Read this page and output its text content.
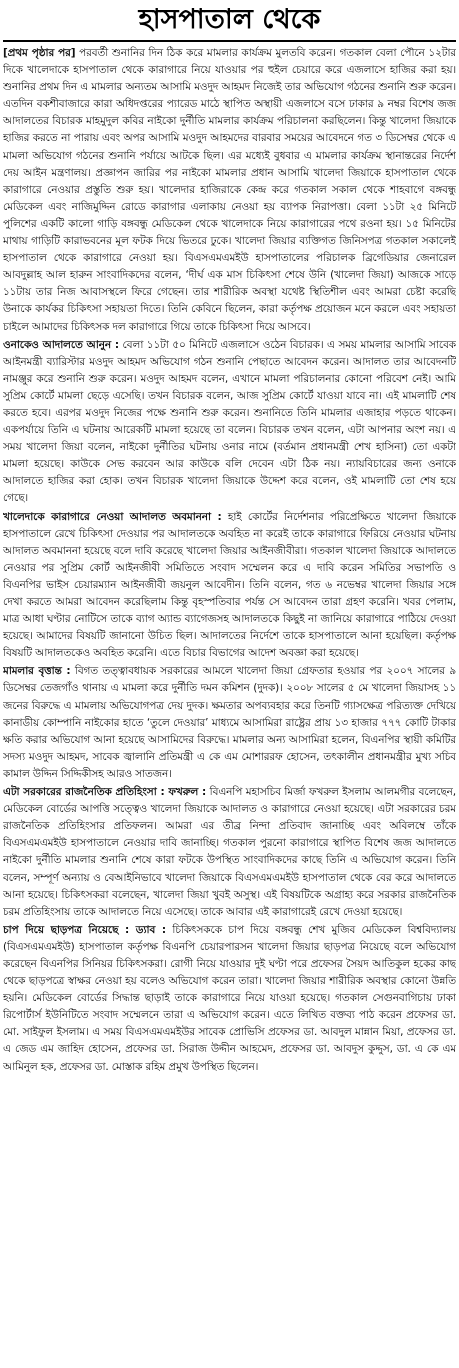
হাসপাতাল থেকে

[প্রথম পৃষ্ঠার পর] পরবর্তী শুনানির দিন ঠিক করে মামলার কার্যক্রম মুলতবি করেন। গতকাল বেলা পৌনে ১২টার দিকে খালেদাকে হাসপাতাল থেকে কারাগারে নিয়ে যাওয়ার পর হুইল চেয়ারে করে এজলাসে হাজির করা হয়। শুনানির প্রথম দিন এ মামলার অন্যতম আসামি মওদুদ আহমদ নিজেই তার অভিযোগ গঠনের শুনানি শুরু করেন। এতদিন বকশীবাজারে কারা অধিদপ্তরের প্যারেড মাঠে স্থাপিত অস্থায়ী এজলাসে বসে ঢাকার ৯ নম্বর বিশেষ জজ আদালতের বিচারক মাহমুদুল কবির নাইকো দুর্নীতি মামলার কার্যক্রম পরিচালনা করছিলেন। কিন্তু খালেদা জিয়াকে হাজির করতে না পারায় এবং অপর আসামি মওদুদ আহমদের বারবার সময়ের আবেদনে গত ৩ ডিসেম্বর থেকে এ মামলা অভিযোগ গঠনের শুনানি পর্যায়ে আটকে ছিল। এর মধ্যেই বুধবার এ মামলার কার্যক্রম স্থানান্তরের নির্দেশ দেয় আইন মন্ত্রণালয়। প্রজ্ঞাপন জারির পর নাইকো মামলার প্রধান আসামি খালেদা জিয়াকে হাসপাতাল থেকে কারাগারে নেওয়ার প্রস্তুতি শুরু হয়। খালেদার হাজিরাকে কেন্দ্র করে গতকাল সকাল থেকে শাহবাগে বঙ্গবন্ধু মেডিকেল এবং নাজিমুদ্দিন রোডে কারাগার এলাকায় নেওয়া হয় ব্যাপক নিরাপত্তা। বেলা ১১টা ২৫ মিনিটে পুলিশের একটি কালো গাড়ি বঙ্গবন্ধু মেডিকেল থেকে খালেদাকে নিয়ে কারাগারের পথে রওনা হয়। ১৫ মিনিটের মাথায় গাড়িটি কারাভবনের মূল ফটক দিয়ে ভিতরে ঢুকে। খালেদা জিয়ার ব্যক্তিগত জিনিসপত্র গতকাল সকালেই হাসপাতাল থেকে কারাগারে নেওয়া হয়। বিএসএমএমইউ হাসপাতালের পরিচালক ব্রিগেডিয়ার জেনারেল আবদুল্লাহ আল হারুন সাংবাদিকদের বলেন, ‘দীর্ঘ এক মাস চিকিৎসা শেষে উনি (খালেদা জিয়া) আজকে সাড়ে ১১টায় তার নিজ আবাসস্থলে ফিরে গেছেন। তার শারীরিক অবস্থা যথেষ্ট স্থিতিশীল এবং আমরা চেষ্টা করেছি উনাকে কার্যকর চিকিৎসা সহায়তা দিতে। তিনি কেবিনে ছিলেন, কারা কর্তৃপক্ষ প্রয়োজন মনে করলে এবং সহায়তা চাইলে আমাদের চিকিৎসক দল কারাগারে গিয়ে তাকে চিকিৎসা দিয়ে আসবে।

ওনাকেও আদালতে আনুন : বেলা ১১টা ৫০ মিনিটে এজলাসে ওঠেন বিচারক। এ সময় মামলার আসামি সাবেক আইনমন্ত্রী ব্যারিস্টার মওদুদ আহমদ অভিযোগ গঠন শুনানি পেছাতে আবেদন করেন। আদালত তার আবেদনটি নামঞ্জুর করে শুনানি শুরু করেন। মওদুদ আহমদ বলেন, এখানে মামলা পরিচালনার কোনো পরিবেশ নেই। আমি সুপ্রিম কোর্টে মামলা ছেড়ে এসেছি। তখন বিচারক বলেন, আজ সুপ্রিম কোর্টে যাওয়া যাবে না। এই মামলাটি শেষ করতে হবে। এরপর মওদুদ নিজের পক্ষে শুনানি শুরু করেন। শুনানিতে তিনি মামলার এজাহার পড়তে থাকেন। একপর্যায়ে তিনি এ ঘটনায় আরেকটি মামলা হয়েছে তা বলেন। বিচারক তখন বলেন, এটা আপনার অংশ নয়। এ সময় খালেদা জিয়া বলেন, নাইকো দুর্নীতির ঘটনায় ওনার নামে (বর্তমান প্রধানমন্ত্রী শেখ হাসিনা) তো একটা মামলা হয়েছে। কাউকে সেভ করবেন আর কাউকে বলি দেবেন এটা ঠিক নয়। ন্যায়বিচারের জন্য ওনাকে আদালতে হাজির করা হোক। তখন বিচারক খালেদা জিয়াকে উদ্দেশ করে বলেন, ওই মামলাটি তো শেষ হয়ে গেছে।

খালেদাকে কারাগারে নেওয়া আদালত অবমাননা : হাই কোর্টের নির্দেশনার পরিপ্রেক্ষিতে খালেদা জিয়াকে হাসপাতালে রেখে চিকিৎসা দেওয়ার পর আদালতকে অবহিত না করেই তাকে কারাগারে ফিরিয়ে নেওয়ার ঘটনায় আদালত অবমাননা হয়েছে বলে দাবি করেছে খালেদা জিয়ার আইনজীবীরা। গতকাল খালেদা জিয়াকে আদালতে নেওয়ার পর সুপ্রিম কোর্ট আইনজীবী সমিতিতে সংবাদ সম্মেলন করে এ দাবি করেন সমিতির সভাপতি ও বিএনপির ভাইস চেয়ারম্যান আইনজীবী জয়নুল আবেদীন। তিনি বলেন, গত ৬ নভেম্বর খালেদা জিয়ার সঙ্গে দেখা করতে আমরা আবেদন করেছিলাম কিন্তু বৃহস্পতিবার পর্যন্ত সে আবেদন তারা গ্রহণ করেনি। খবর পেলাম, মাত্র আধা ঘণ্টার নোটিসে তাকে ব্যাগ অ্যান্ড ব্যাগেজসহ আদালতকে কিছুই না জানিয়ে কারাগারে পাঠিয়ে দেওয়া হয়েছে। আমাদের বিষয়টি জানানো উচিত ছিল। আদালতের নির্দেশে তাকে হাসপাতালে আনা হয়েছিল। কর্তৃপক্ষ বিষয়টি আদালতকেও অবহিত করেনি। এতে বিচার বিভাগের আদেশ অবজ্ঞা করা হয়েছে।

মামলার বৃত্তান্ত : বিগত তত্ত্বাবধায়ক সরকারের আমলে খালেদা জিয়া গ্রেফতার হওয়ার পর ২০০৭ সালের ৯ ডিসেম্বর তেজগাঁও থানায় এ মামলা করে দুর্নীতি দমন কমিশন (দুদক)। ২০০৮ সালের ৫ মে খালেদা জিয়াসহ ১১ জনের বিরুদ্ধে এ মামলায় অভিযোগপত্র দেয় দুদক। ক্ষমতার অপব্যবহার করে তিনটি গ্যাসক্ষেত্র পরিত্যক্ত দেখিয়ে কানাডীয় কোম্পানি নাইকোর হাতে ‘তুলে দেওয়ার’ মাধ্যমে আসামিরা রাষ্ট্রের প্রায় ১৩ হাজার ৭৭৭ কোটি টাকার ক্ষতি করার অভিযোগ আনা হয়েছে আসামিদের বিরুদ্ধে। মামলার অন্য আসামিরা হলেন, বিএনপির স্থায়ী কমিটির সদস্য মওদুদ আহমদ, সাবেক জ্বালানি প্রতিমন্ত্রী এ কে এম মোশাররফ হোসেন, তৎকালীন প্রধানমন্ত্রীর মুখ্য সচিব কামাল উদ্দিন সিদ্দিকীসহ আরও সাতজন।

এটা সরকারের রাজনৈতিক প্রতিহিংসা : ফখরুল : বিএনপি মহাসচিব মির্জা ফখরুল ইসলাম আলমগীর বলেছেন, মেডিকেল বোর্ডের আপত্তি সত্ত্বেও খালেদা জিয়াকে আদালত ও কারাগারে নেওয়া হয়েছে। এটা সরকারের চরম রাজনৈতিক প্রতিহিংসার প্রতিফলন। আমরা এর তীব্র নিন্দা প্রতিবাদ জানাচ্ছি এবং অবিলম্বে তাঁকে বিএসএমএমইউ হাসপাতালে নেওয়ার দাবি জানাচ্ছি। গতকাল পুরনো কারাগারে স্থাপিত বিশেষ জজ আদালতে নাইকো দুর্নীতি মামলার শুনানি শেষে কারা ফটকে উপস্থিত সাংবাদিকদের কাছে তিনি এ অভিযোগ করেন। তিনি বলেন, সম্পূর্ণ অন্যায় ও বেআইনিভাবে খালেদা জিয়াকে বিএসএমএমইউ হাসপাতাল থেকে বের করে আদালতে আনা হয়েছে। চিকিৎসকরা বলেছেন, খালেদা জিয়া খুবই অসুস্থ। এই বিষয়টিকে অগ্রাহ্য করে সরকার রাজনৈতিক চরম প্রতিহিংসায় তাকে আদালতে নিয়ে এসেছে। তাকে আবার এই কারাগারেই রেখে দেওয়া হয়েছে।

চাপ দিয়ে ছাড়পত্র নিয়েছে : ড্যাব : চিকিৎসককে চাপ দিয়ে বঙ্গবন্ধু শেখ মুজিব মেডিকেল বিশ্ববিদ্যালয় (বিএসএমএমইউ) হাসপাতাল কর্তৃপক্ষ বিএনপি চেয়ারপারসন খালেদা জিয়ার ছাড়পত্র নিয়েছে বলে অভিযোগ করেছেন বিএনপির সিনিয়র চিকিৎসকরা। রোগী নিয়ে যাওয়ার দুই ঘণ্টা পরে প্রফেসর সৈয়দ আতিকুল হকের কাছ থেকে ছাড়পত্রে স্বাক্ষর নেওয়া হয় বলেও অভিযোগ করেন তারা। খালেদা জিয়ার শারীরিক অবস্থার কোনো উন্নতি হয়নি। মেডিকেল বোর্ডের সিদ্ধান্ত ছাড়াই তাকে কারাগারে নিয়ে যাওয়া হয়েছে। গতকাল সেগুনবাগিচায় ঢাকা রিপোর্টার্স ইউনিটিতে সংবাদ সম্মেলনে তারা এ অভিযোগ করেন। এতে লিখিত বক্তব্য পাঠ করেন প্রফেসর ডা. মো. সাইফুল ইসলাম। এ সময় বিএসএমএমইউর সাবেক প্রোভিসি প্রফেসর ডা. আবদুল মান্নান মিয়া, প্রফেসর ডা. এ জেড এম জাহিদ হোসেন, প্রফেসর ডা. সিরাজ উদ্দীন আহমেদ, প্রফেসর ডা. আবদুস কুদ্দুস, ডা. এ কে এম আমিনুল হক, প্রফেসর ডা. মোস্তাক রহিম প্রমুখ উপস্থিত ছিলেন।
